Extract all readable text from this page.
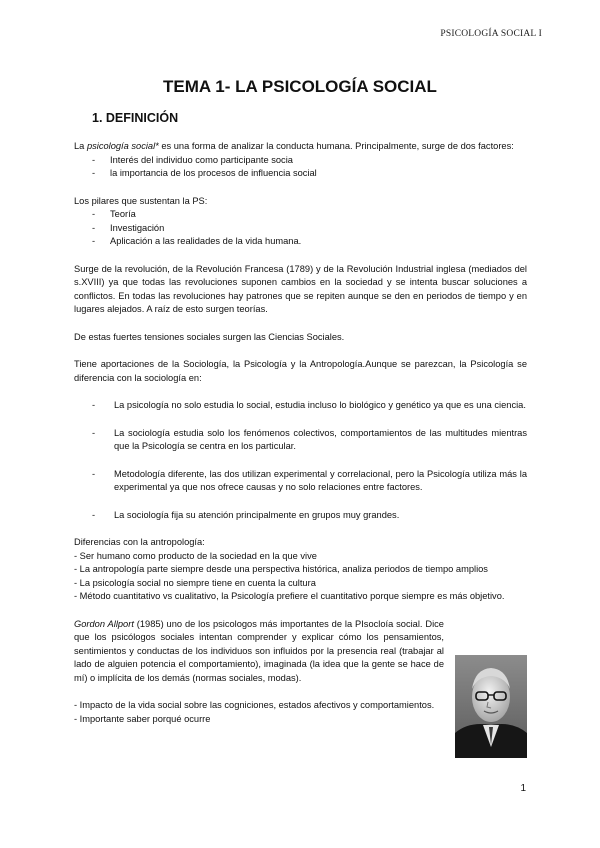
PSICOLOGÍA SOCIAL I
TEMA 1- LA PSICOLOGÍA SOCIAL
1. DEFINICIÓN

La psicología social* es una forma de analizar la conducta humana. Principalmente, surge de dos factores:

- Interés del individuo como participante socia
- la importancia de los procesos de influencia social

Los pilares que sustentan la PS:

- Teoría
- Investigación
- Aplicación a las realidades de la vida humana.

Surge de la revolución, de la Revolución Francesa (1789) y de la Revolución Industrial inglesa (mediados del s.XVIII) ya que todas las revoluciones suponen cambios en la sociedad y se intenta buscar soluciones a conflictos. En todas las revoluciones hay patrones que se repiten aunque se den en periodos de tiempo y en lugares alejados. A raíz de esto surgen teorías.

De estas fuertes tensiones sociales surgen las Ciencias Sociales.

Tiene aportaciones de la Sociología, la Psicología y la Antropología.Aunque se parezcan, la Psicología se diferencia con la sociología en:

- La psicología no solo estudia lo social, estudia incluso lo biológico y genético ya que es una ciencia.
- La sociología estudia solo los fenómenos colectivos, comportamientos de las multitudes mientras que la Psicología se centra en los particular.
- Metodología diferente, las dos utilizan experimental y correlacional, pero la Psicología utiliza más la experimental ya que nos ofrece causas y no solo relaciones entre factores.
- La sociología fija su atención principalmente en grupos muy grandes.

Diferencias con la antropología:

- Ser humano como producto de la sociedad en la que vive

- La antropología parte siempre desde una perspectiva histórica, analiza periodos de tiempo amplios

- La psicología social no siempre tiene en cuenta la cultura

- Método cuantitativo vs cualitativo, la Psicología prefiere el cuantitativo porque siempre es más objetivo.

Gordon Allport (1985) uno de los psicologos más importantes de la PIsocloía social. Dice que los psicólogos sociales intentan comprender y explicar cómo los pensamientos, sentimientos y conductas de los individuos son influidos por la presencia real (trabajar al lado de alguien potencia el comportamiento), imaginada (la idea que la gente se hace de mí) o implícita de los demás (normas sociales, modas).

- Impacto de la vida social sobre las cogniciones, estados afectivos y comportamientos.

- Importante saber porqué ocurre

1
